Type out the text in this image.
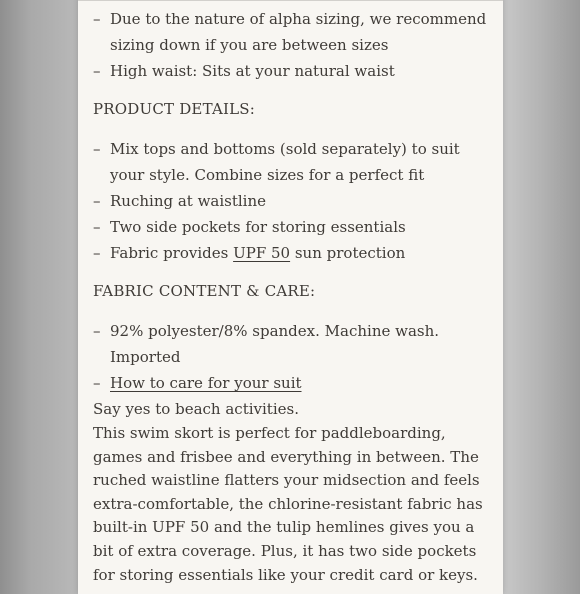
– Due to the nature of alpha sizing, we recommend sizing down if you are between sizes
– High waist: Sits at your natural waist

PRODUCT DETAILS:

– Mix tops and bottoms (sold separately) to suit your style. Combine sizes for a perfect fit
– Ruching at waistline
– Two side pockets for storing essentials
– Fabric provides UPF 50 sun protection

FABRIC CONTENT & CARE:

– 92% polyester/8% spandex. Machine wash. Imported
– How to care for your suit

Say yes to beach activities.

This swim skort is perfect for paddleboarding, games and frisbee and everything in between. The ruched waistline flatters your midsection and feels extra-comfortable, the chlorine-resistant fabric has built-in UPF 50 and the tulip hemlines gives you a bit of extra coverage. Plus, it has two side pockets for storing essentials like your credit card or keys.
